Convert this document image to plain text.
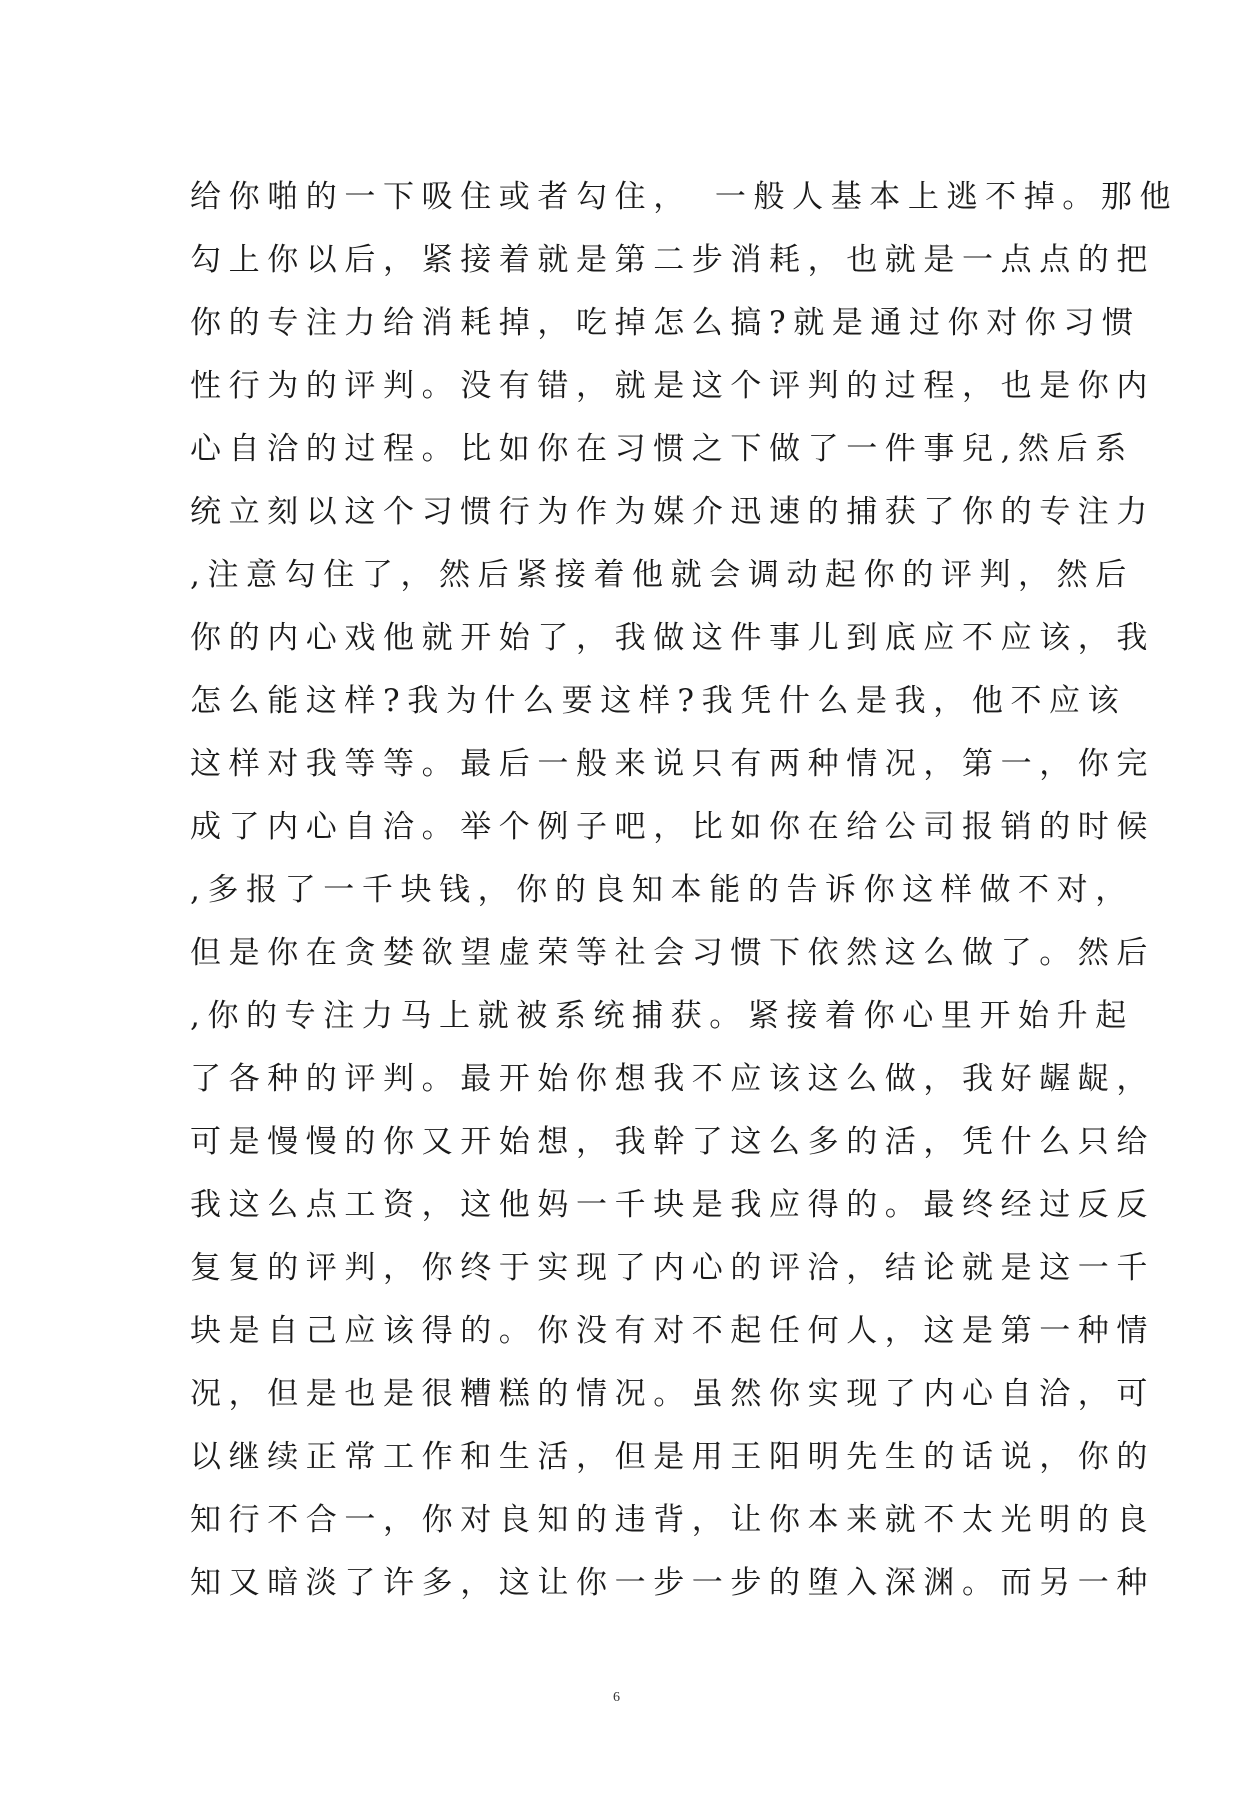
给你啪的一下吸住或者勾住，　一般人基本上逃不掉。那他
勾上你以后，紧接着就是第二步消耗，也就是一点点的把
你的专注力给消耗掉，吃掉怎么搞?就是通过你对你习惯
性行为的评判。没有错，就是这个评判的过程，也是你内
心自洽的过程。比如你在习惯之下做了一件事兒,然后系
统立刻以这个习惯行为作为媒介迅速的捕获了你的专注力
,注意勾住了，然后紧接着他就会调动起你的评判，然后
你的内心戏他就开始了，我做这件事儿到底应不应该，我
怎么能这样?我为什么要这样?我凭什么是我，他不应该
这样对我等等。最后一般来说只有两种情况，第一，你完
成了内心自洽。举个例子吧，比如你在给公司报销的时候
,多报了一千块钱，你的良知本能的告诉你这样做不对，
但是你在贪婪欲望虚荣等社会习惯下依然这么做了。然后
,你的专注力马上就被系统捕获。紧接着你心里开始升起
了各种的评判。最开始你想我不应该这么做，我好龌龊，
可是慢慢的你又开始想，我幹了这么多的活，凭什么只给
我这么点工资，这他妈一千块是我应得的。最终经过反反
复复的评判，你终于实现了内心的评洽，结论就是这一千
块是自己应该得的。你没有对不起任何人，这是第一种情
况，但是也是很糟糕的情况。虽然你实现了内心自洽，可
以继续正常工作和生活，但是用王阳明先生的话说，你的
知行不合一，你对良知的违背，让你本来就不太光明的良
知又暗淡了许多，这让你一步一步的堕入深渊。而另一种
6
